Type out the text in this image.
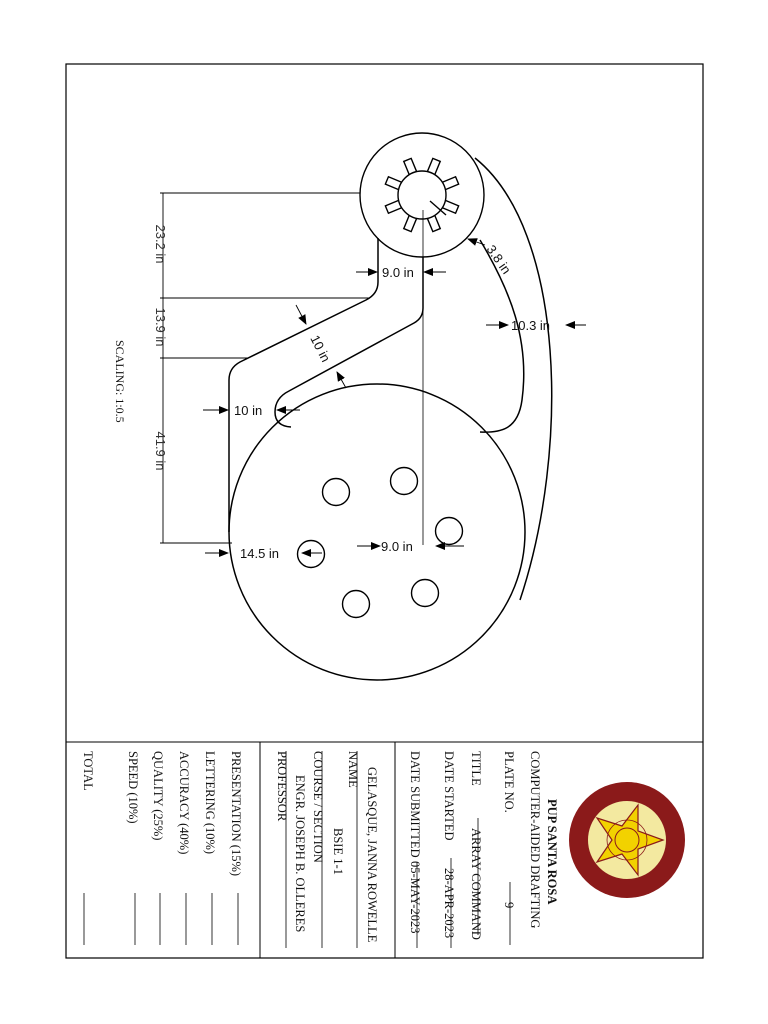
23.2 in
13.9 in
41.9 in
9.0 in
10 in
10 in
3.8 in
10.3 in
14.5 in	9.0 in
SCALING: 1:0.5
PUP SANTA ROSA
COMPUTER-AIDED DRAFTING
PLATE NO.
9
TITLE
ARRAY COMMAND
DATE STARTED
28-APR-2023
DATE SUBMITTED
05-MAY-2023
GELASQUE, JANNA ROWELLE
NAME
BSIE 1-1
COURSE / SECTION
ENGR. JOSEPH B. OLLERES
PROFESSOR
PRESENTATION (15%)
LETTERING (10%)
ACCURACY (40%)
QUALITY (25%)
SPEED (10%)
TOTAL
